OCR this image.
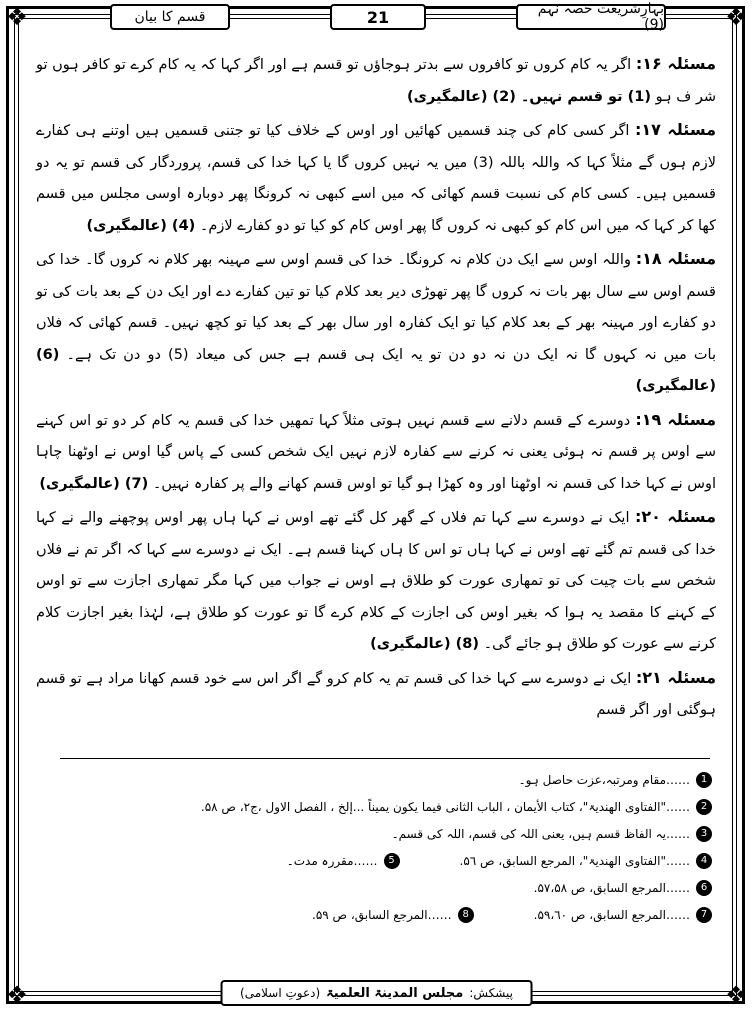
❖	❖
❖	❖
قسم کا بیان	21	بہارِشریعت حصہ نہم (9)

مسئلہ ۱۶: اگر یہ کام کروں تو کافروں سے بدتر ہوجاؤں تو قسم ہے اور اگر کہا کہ یہ کام کرے تو کافر ہوں تو شر ف ہو (1) تو قسم نہیں۔ (2) (عالمگیری)

مسئلہ ۱۷: اگر کسی کام کی چند قسمیں کھائیں اور اوس کے خلاف کیا تو جتنی قسمیں ہیں اوتنے ہی کفارے لازم ہوں گے مثلاً کہا کہ واللہ باللہ (3) میں یہ نہیں کروں گا یا کہا خدا کی قسم، پروردگار کی قسم تو یہ دو قسمیں ہیں۔ کسی کام کی نسبت قسم کھائی کہ میں اسے کبھی نہ کرونگا پھر دوبارہ اوسی مجلس میں قسم کھا کر کہا کہ میں اس کام کو کبھی نہ کروں گا پھر اوس کام کو کیا تو دو کفارے لازم۔ (4) (عالمگیری)

مسئلہ ۱۸: واللہ اوس سے ایک دن کلام نہ کرونگا۔ خدا کی قسم اوس سے مہینہ بھر کلام نہ کروں گا۔ خدا کی قسم اوس سے سال بھر بات نہ کروں گا پھر تھوڑی دیر بعد کلام کیا تو تین کفارے دے اور ایک دن کے بعد بات کی تو دو کفارے اور مہینہ بھر کے بعد کلام کیا تو ایک کفارہ اور سال بھر کے بعد کیا تو کچھ نہیں۔ قسم کھائی کہ فلاں بات میں نہ کہوں گا نہ ایک دن نہ دو دن تو یہ ایک ہی قسم ہے جس کی میعاد (5) دو دن تک ہے۔ (6) (عالمگیری)

مسئلہ ۱۹: دوسرے کے قسم دلانے سے قسم نہیں ہوتی مثلاً کہا تمھیں خدا کی قسم یہ کام کر دو تو اس کہنے سے اوس پر قسم نہ ہوئی یعنی نہ کرنے سے کفارہ لازم نہیں ایک شخص کسی کے پاس گیا اوس نے اوٹھنا چاہا اوس نے کہا خدا کی قسم نہ اوٹھنا اور وہ کھڑا ہو گیا تو اوس قسم کھانے والے پر کفارہ نہیں۔ (7) (عالمگیری)

مسئلہ ۲۰: ایک نے دوسرے سے کہا تم فلاں کے گھر کل گئے تھے اوس نے کہا ہاں پھر اوس پوچھنے والے نے کہا خدا کی قسم تم گئے تھے اوس نے کہا ہاں تو اس کا ہاں کہنا قسم ہے۔ ایک نے دوسرے سے کہا کہ اگر تم نے فلاں شخص سے بات چیت کی تو تمھاری عورت کو طلاق ہے اوس نے جواب میں کہا مگر تمھاری اجازت سے تو اوس کے کہنے کا مقصد یہ ہوا کہ بغیر اوس کی اجازت کے کلام کرے گا تو عورت کو طلاق ہے، لہٰذا بغیر اجازت کلام کرنے سے عورت کو طلاق ہو جائے گی۔ (8) (عالمگیری)

مسئلہ ۲۱: ایک نے دوسرے سے کہا خدا کی قسم تم یہ کام کرو گے اگر اس سے خود قسم کھانا مراد ہے تو قسم ہوگئی اور اگر قسم

1
……مقام ومرتبہ،عزت حاصل ہو۔
2
……"الفتاوی الھندیۃ"، کتاب الأیمان ، الباب الثانی فیما یکون یمیناً ...إلخ ، الفصل الاول ،ج۲، ص ۵۸.
3
……یہ الفاظ قسم ہیں، یعنی اللہ کی قسم، اللہ کی قسم۔
4
……"الفتاوی الھندیۃ"، المرجع السابق، ص ۵٦.
5
……مقررہ مدت۔
6
……المرجع السابق، ص ۵۷،۵۸.
7
……المرجع السابق، ص ۵۹،٦۰.
8
……المرجع السابق، ص ۵۹.
پیشکش:
مجلس المدینۃ العلمیۃ
(دعوتِ اسلامی)
